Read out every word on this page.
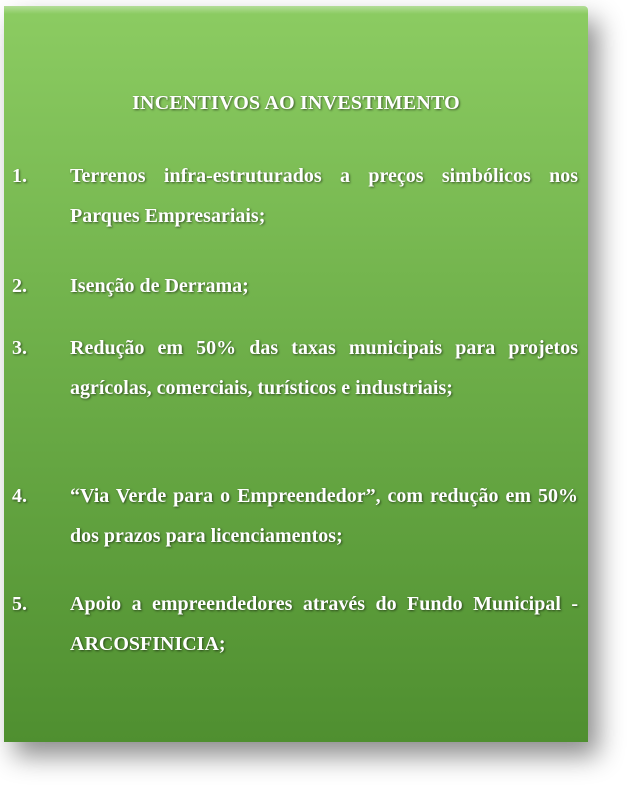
INCENTIVOS AO INVESTIMENTO
1.	Terrenos infra-estruturados a preços simbólicos nos Parques Empresariais;
2.	Isenção de Derrama;
3.	Redução em 50% das taxas municipais para projetos agrícolas, comerciais, turísticos e industriais;
4.	“Via Verde para o Empreendedor”, com redução em 50% dos prazos para licenciamentos;
5.	Apoio a empreendedores através do Fundo Municipal - ARCOSFINICIA;
